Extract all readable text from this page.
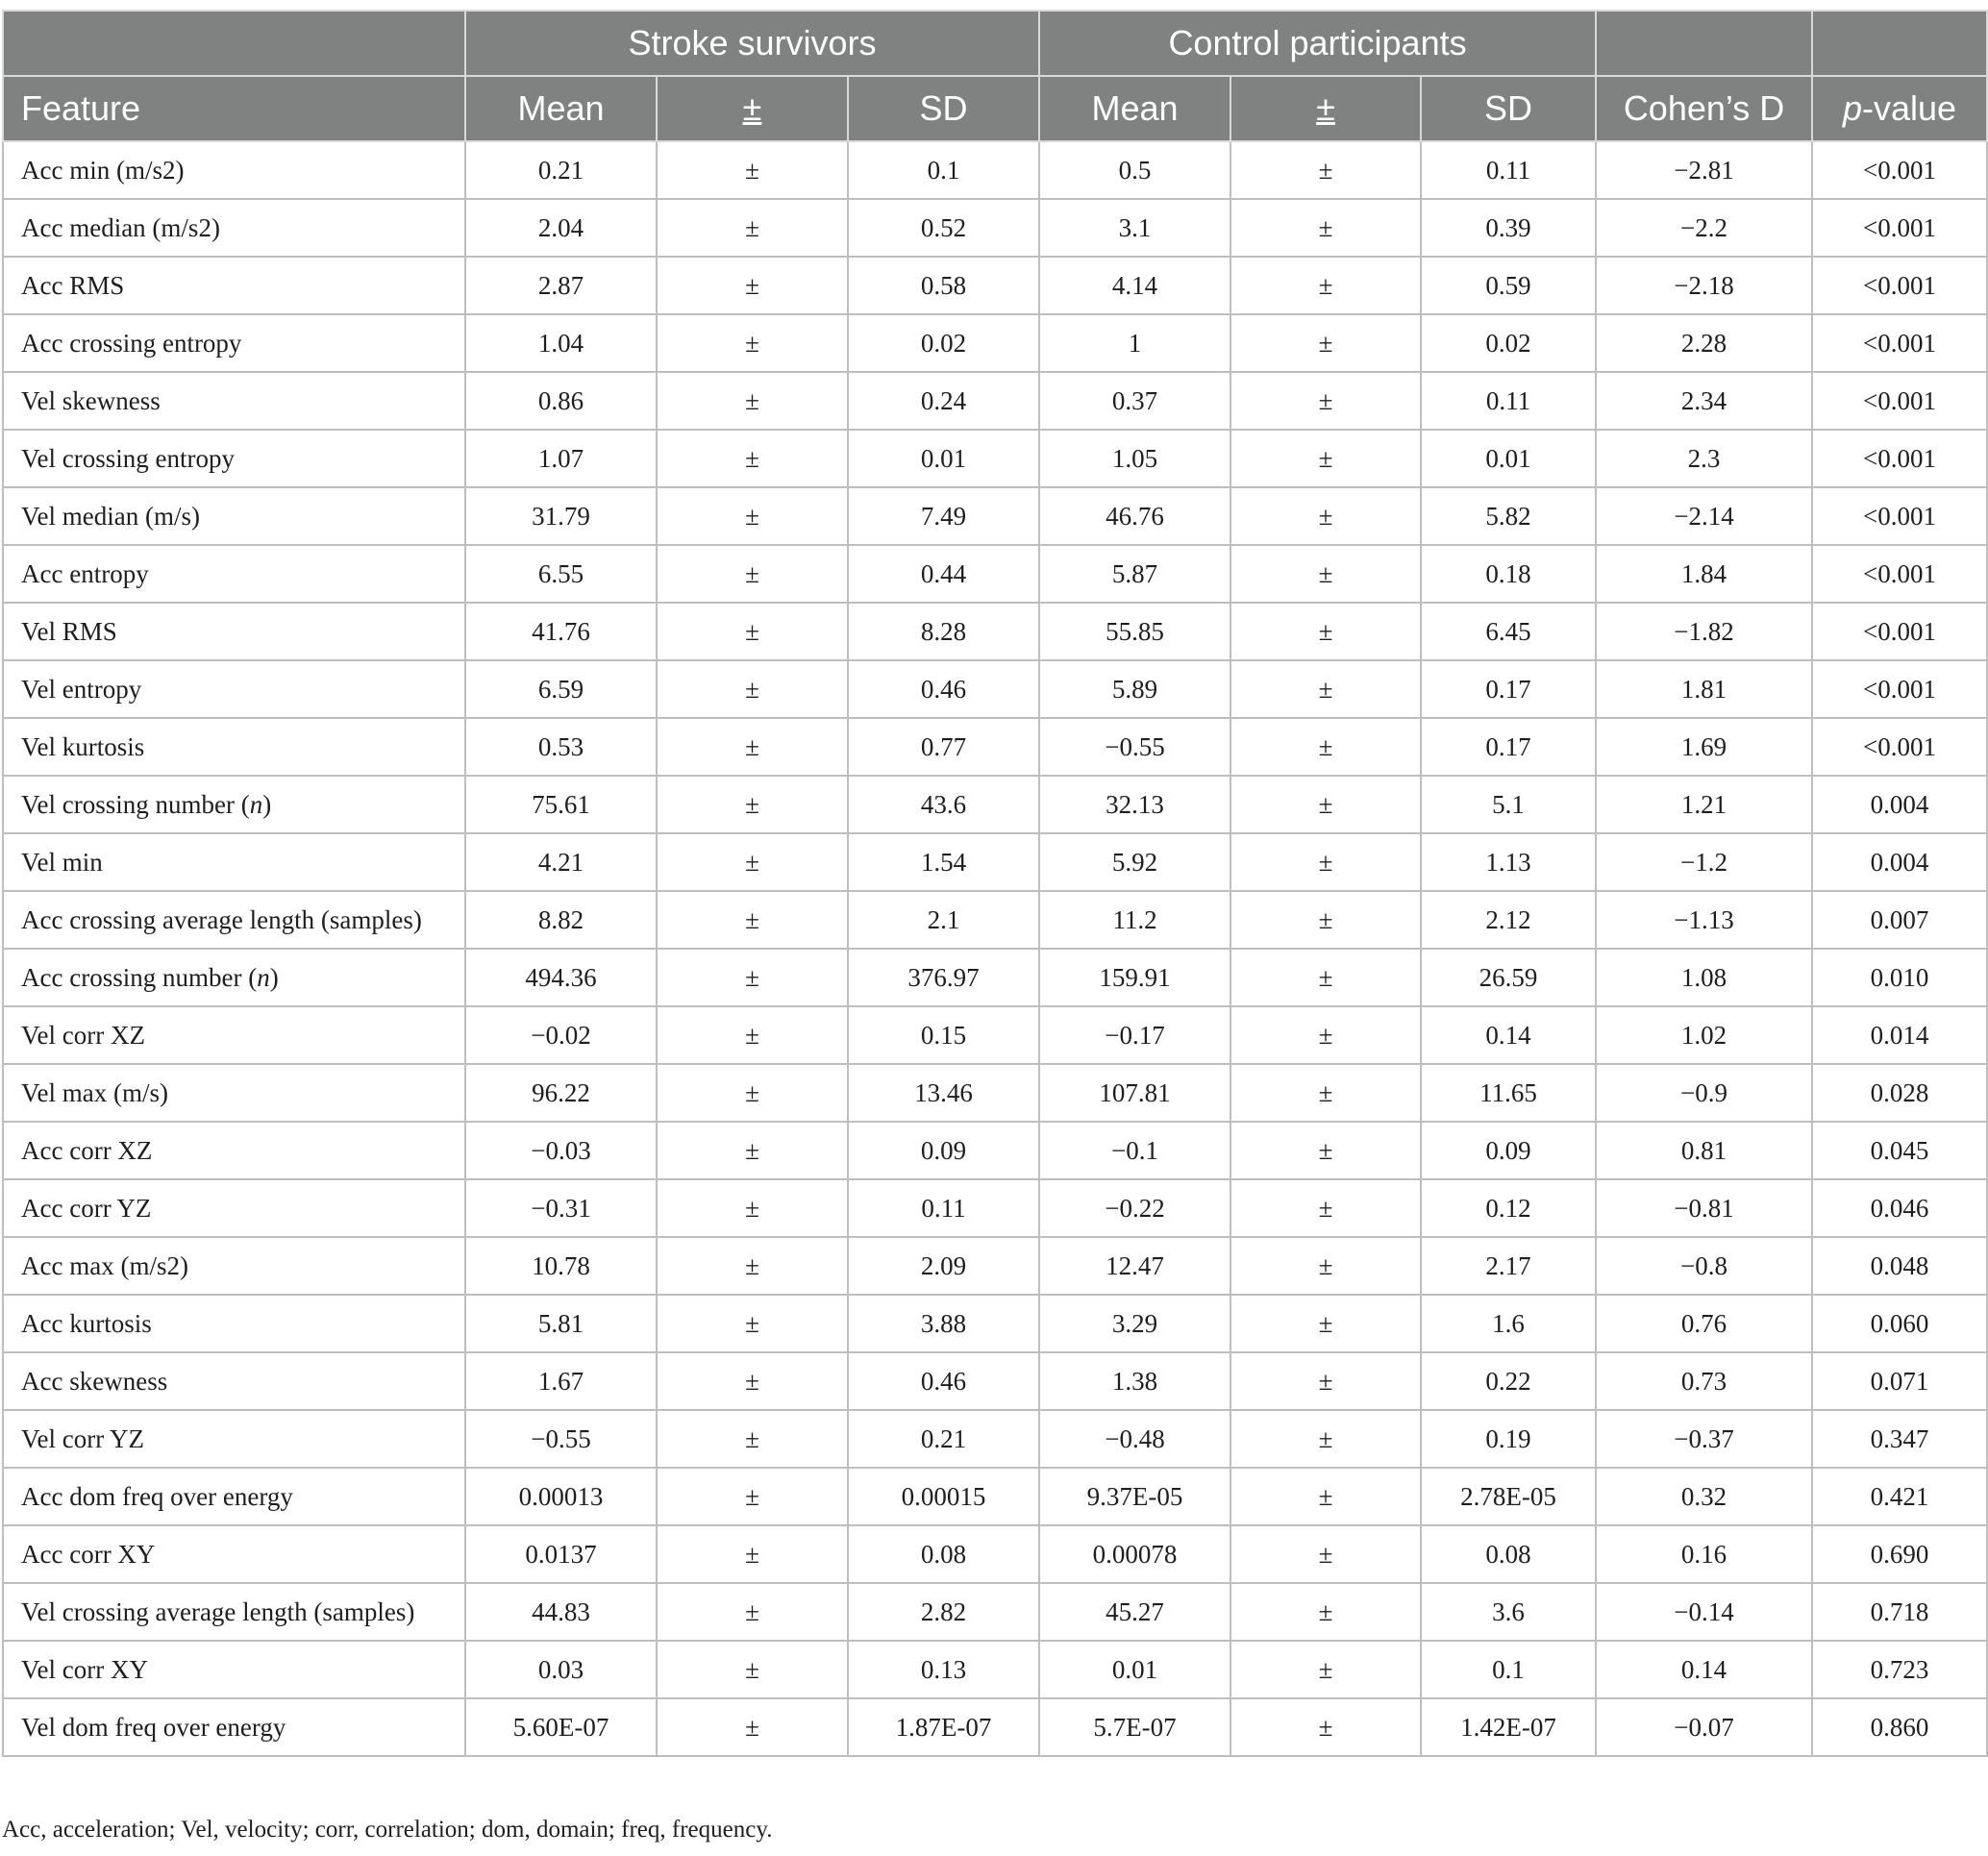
	Stroke survivors			Control participants				
Feature	Mean	±	SD	Mean	±	SD	Cohen’s D	p-value
Acc min (m/s2)	0.21	±	0.1	0.5	±	0.11	−2.81	<0.001
Acc median (m/s2)	2.04	±	0.52	3.1	±	0.39	−2.2	<0.001
Acc RMS	2.87	±	0.58	4.14	±	0.59	−2.18	<0.001
Acc crossing entropy	1.04	±	0.02	1	±	0.02	2.28	<0.001
Vel skewness	0.86	±	0.24	0.37	±	0.11	2.34	<0.001
Vel crossing entropy	1.07	±	0.01	1.05	±	0.01	2.3	<0.001
Vel median (m/s)	31.79	±	7.49	46.76	±	5.82	−2.14	<0.001
Acc entropy	6.55	±	0.44	5.87	±	0.18	1.84	<0.001
Vel RMS	41.76	±	8.28	55.85	±	6.45	−1.82	<0.001
Vel entropy	6.59	±	0.46	5.89	±	0.17	1.81	<0.001
Vel kurtosis	0.53	±	0.77	−0.55	±	0.17	1.69	<0.001
Vel crossing number (n)	75.61	±	43.6	32.13	±	5.1	1.21	0.004
Vel min	4.21	±	1.54	5.92	±	1.13	−1.2	0.004
Acc crossing average length (samples)	8.82	±	2.1	11.2	±	2.12	−1.13	0.007
Acc crossing number (n)	494.36	±	376.97	159.91	±	26.59	1.08	0.010
Vel corr XZ	−0.02	±	0.15	−0.17	±	0.14	1.02	0.014
Vel max (m/s)	96.22	±	13.46	107.81	±	11.65	−0.9	0.028
Acc corr XZ	−0.03	±	0.09	−0.1	±	0.09	0.81	0.045
Acc corr YZ	−0.31	±	0.11	−0.22	±	0.12	−0.81	0.046
Acc max (m/s2)	10.78	±	2.09	12.47	±	2.17	−0.8	0.048
Acc kurtosis	5.81	±	3.88	3.29	±	1.6	0.76	0.060
Acc skewness	1.67	±	0.46	1.38	±	0.22	0.73	0.071
Vel corr YZ	−0.55	±	0.21	−0.48	±	0.19	−0.37	0.347
Acc dom freq over energy	0.00013	±	0.00015	9.37E-05	±	2.78E-05	0.32	0.421
Acc corr XY	0.0137	±	0.08	0.00078	±	0.08	0.16	0.690
Vel crossing average length (samples)	44.83	±	2.82	45.27	±	3.6	−0.14	0.718
Vel corr XY	0.03	±	0.13	0.01	±	0.1	0.14	0.723
Vel dom freq over energy	5.60E-07	±	1.87E-07	5.7E-07	±	1.42E-07	−0.07	0.860
Acc, acceleration; Vel, velocity; corr, correlation; dom, domain; freq, frequency.
